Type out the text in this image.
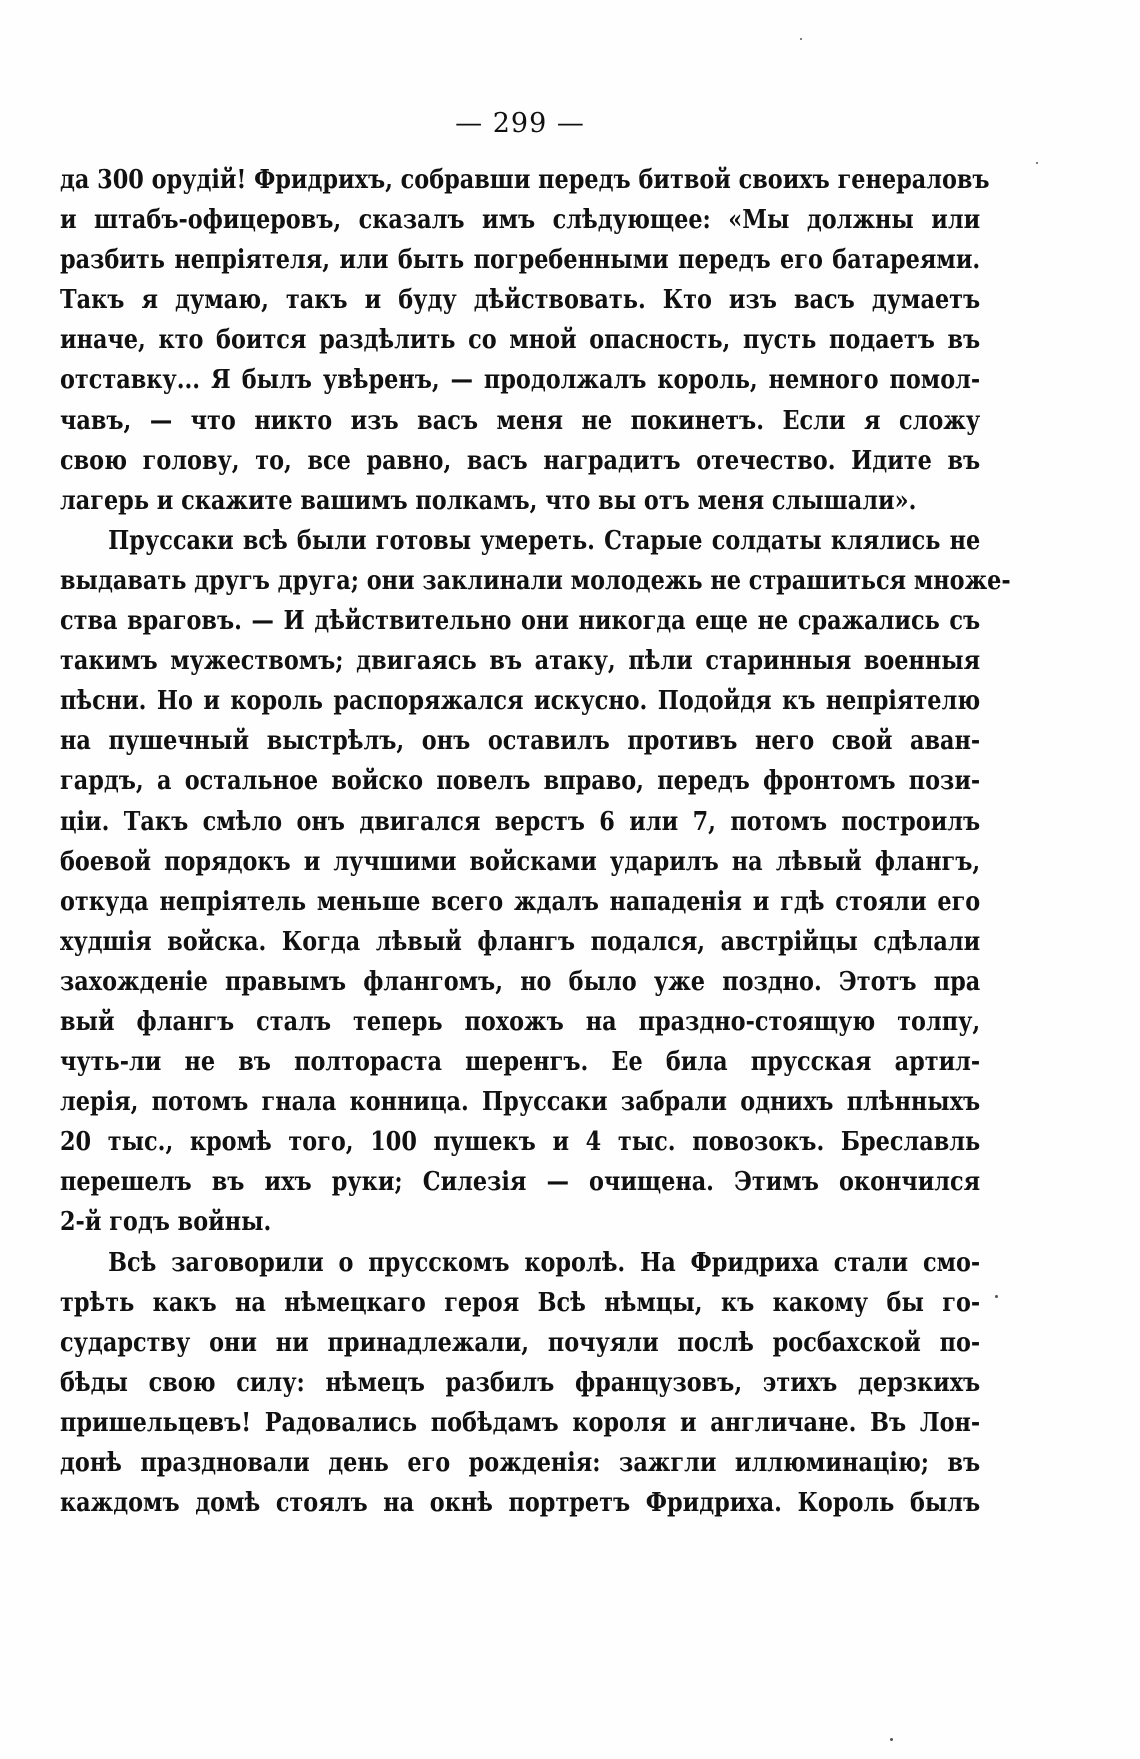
— 299 —
да 300 орудій! Фридрихъ, собравши передъ битвой своихъ генераловъ
и штабъ-офицеровъ, сказалъ имъ слѣдующее: «Мы должны или
разбить непріятеля, или быть погребенными передъ его батареями.
Такъ я думаю, такъ и буду дѣйствовать. Кто изъ васъ думаетъ
иначе, кто боится раздѣлить со мной опасность, пусть подаетъ въ
отставку... Я былъ увѣренъ, — продолжалъ король, немного помол-
чавъ, — что никто изъ васъ меня не покинетъ. Если я сложу
свою голову, то, все равно, васъ наградитъ отечество. Идите въ
лагерь и скажите вашимъ полкамъ, что вы отъ меня слышали».
Пруссаки всѣ были готовы умереть. Старые солдаты клялись не
выдавать другъ друга; они заклинали молодежь не страшиться множе-
ства враговъ. — И дѣйствительно они никогда еще не сражались съ
такимъ мужествомъ; двигаясь въ атаку, пѣли старинныя военныя
пѣсни. Но и король распоряжался искусно. Подойдя къ непріятелю
на пушечный выстрѣлъ, онъ оставилъ противъ него свой аван-
гардъ, а остальное войско повелъ вправо, передъ фронтомъ пози-
ціи. Такъ смѣло онъ двигался верстъ 6 или 7, потомъ построилъ
боевой порядокъ и лучшими войсками ударилъ на лѣвый флангъ,
откуда непріятель меньше всего ждалъ нападенія и гдѣ стояли его
худшія войска. Когда лѣвый флангъ подался, австрійцы сдѣлали
захожденіе правымъ флангомъ, но было уже поздно. Этотъ пра
вый флангъ сталъ теперь похожъ на праздно-стоящую толпу,
чуть-ли не въ полтораста шеренгъ. Ее била прусская артил-
лерія, потомъ гнала конница. Пруссаки забрали однихъ плѣнныхъ
20 тыс., кромѣ того, 100 пушекъ и 4 тыс. повозокъ. Бреславль
перешелъ въ ихъ руки; Силезія — очищена. Этимъ окончился
2-й годъ войны.
Всѣ заговорили о прусскомъ королѣ. На Фридриха стали смо-
трѣть какъ на нѣмецкаго героя Всѣ нѣмцы, къ какому бы го-
сударству они ни принадлежали, почуяли послѣ росбахской по-
бѣды свою силу: нѣмецъ разбилъ французовъ, этихъ дерзкихъ
пришельцевъ! Радовались побѣдамъ короля и англичане. Въ Лон-
донѣ праздновали день его рожденія: зажгли иллюминацію; въ
каждомъ домѣ стоялъ на окнѣ портретъ Фридриха. Король былъ
